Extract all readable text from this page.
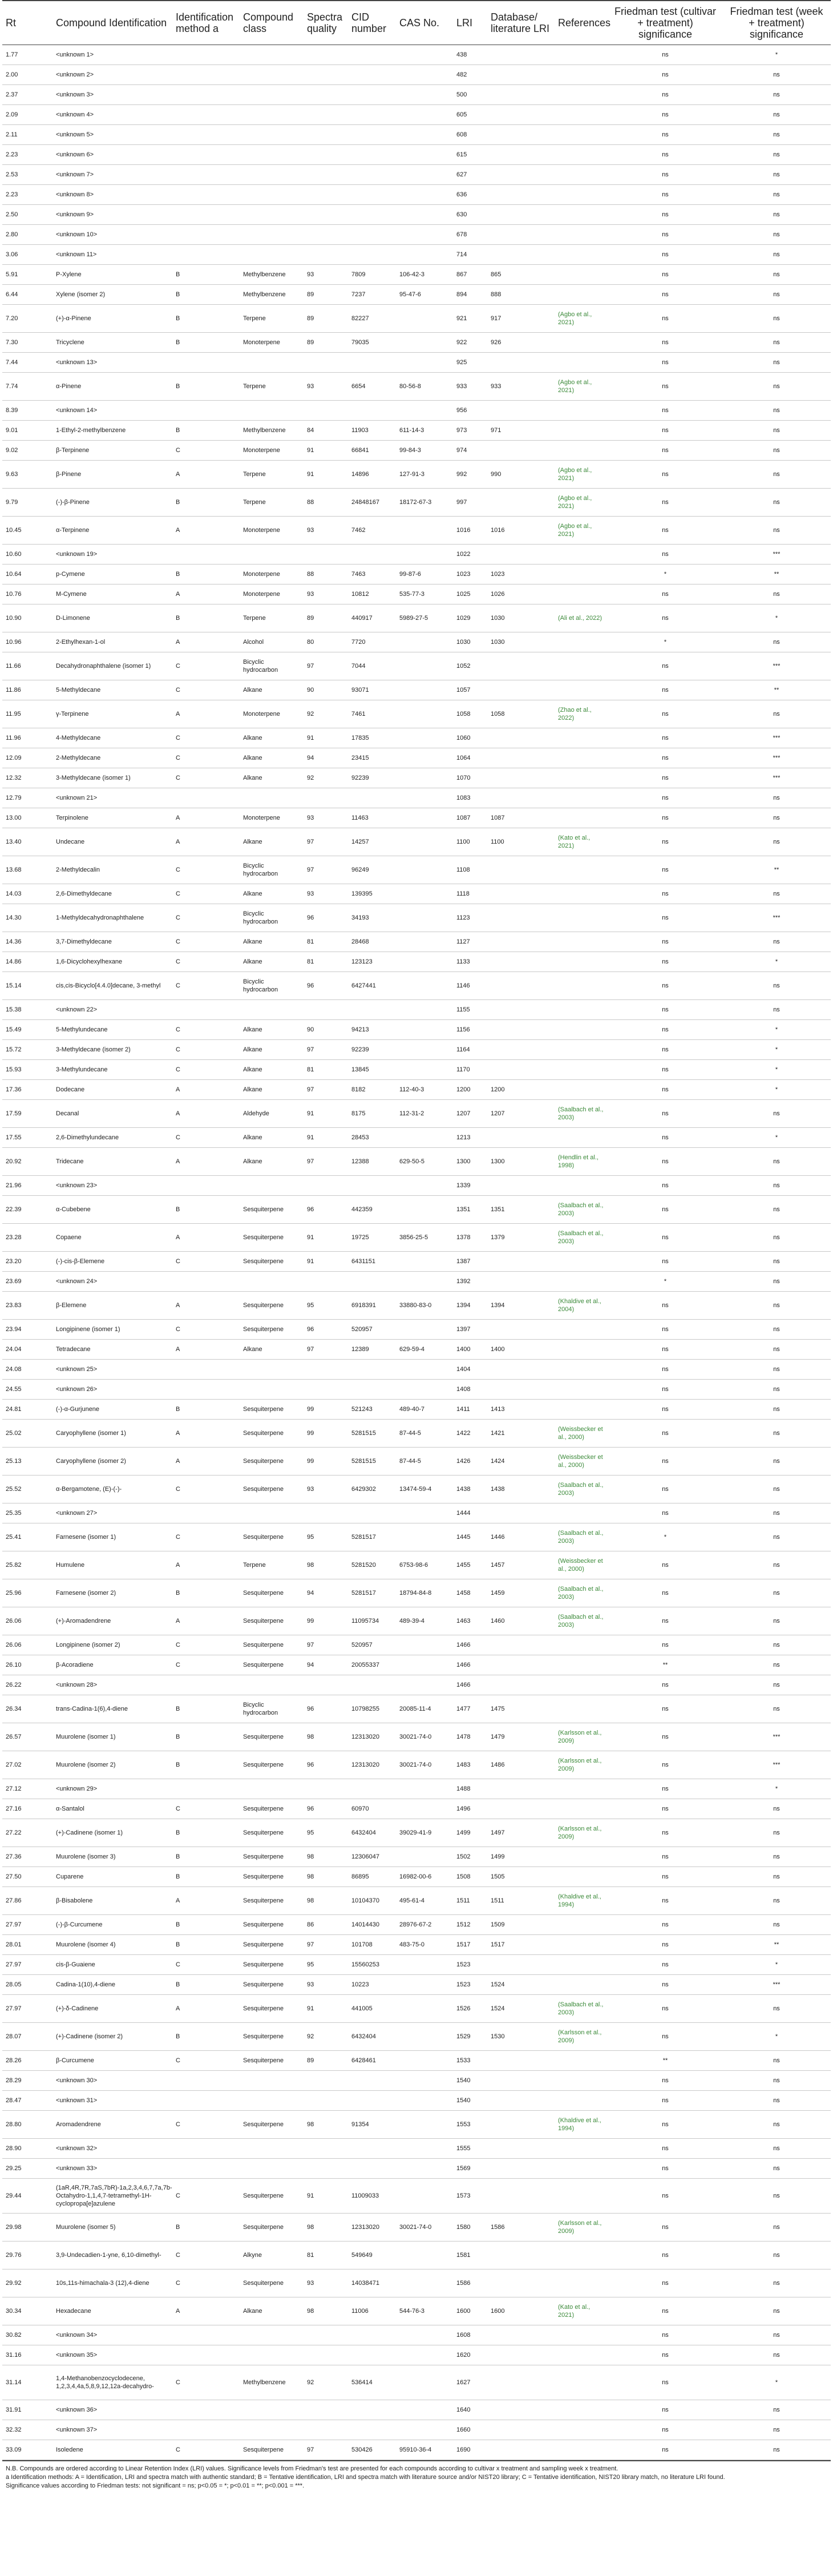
Rt	Compound Identification	Identification method a	Compound class	Spectra quality	CID number	CAS No.	LRI	Database/ literature LRI	References	Friedman test (cultivar + treatment) significance	Friedman test (week + treatment) significance
1.77	<unknown 1>						438			ns	*
2.00	<unknown 2>						482			ns	ns
2.37	<unknown 3>						500			ns	ns
2.09	<unknown 4>						605			ns	ns
2.11	<unknown 5>						608			ns	ns
2.23	<unknown 6>						615			ns	ns
2.53	<unknown 7>						627			ns	ns
2.23	<unknown 8>						636			ns	ns
2.50	<unknown 9>						630			ns	ns
2.80	<unknown 10>						678			ns	ns
3.06	<unknown 11>						714			ns	ns
5.91	P-Xylene	B	Methylbenzene	93	7809	106-42-3	867	865		ns	ns
6.44	Xylene (isomer 2)	B	Methylbenzene	89	7237	95-47-6	894	888		ns	ns
7.20	(+)-α-Pinene	B	Terpene	89	82227		921	917	(Agbo et al., 2021)	ns	ns
7.30	Tricyclene	B	Monoterpene	89	79035		922	926		ns	ns
7.44	<unknown 13>						925			ns	ns
7.74	α-Pinene	B	Terpene	93	6654	80-56-8	933	933	(Agbo et al., 2021)	ns	ns
8.39	<unknown 14>						956			ns	ns
9.01	1-Ethyl-2-methylbenzene	B	Methylbenzene	84	11903	611-14-3	973	971		ns	ns
9.02	β-Terpinene	C	Monoterpene	91	66841	99-84-3	974			ns	ns
9.63	β-Pinene	A	Terpene	91	14896	127-91-3	992	990	(Agbo et al., 2021)	ns	ns
9.79	(-)-β-Pinene	B	Terpene	88	24848167	18172-67-3	997		(Agbo et al., 2021)	ns	ns
10.45	α-Terpinene	A	Monoterpene	93	7462		1016	1016	(Agbo et al., 2021)	ns	ns
10.60	<unknown 19>						1022			ns	***
10.64	p-Cymene	B	Monoterpene	88	7463	99-87-6	1023	1023		*	**
10.76	M-Cymene	A	Monoterpene	93	10812	535-77-3	1025	1026		ns	ns
10.90	D-Limonene	B	Terpene	89	440917	5989-27-5	1029	1030	(Ali et al., 2022)	ns	*
10.96	2-Ethylhexan-1-ol	A	Alcohol	80	7720		1030	1030		*	ns
11.66	Decahydronaphthalene (isomer 1)	C	Bicyclic hydrocarbon	97	7044		1052			ns	***
11.86	5-Methyldecane	C	Alkane	90	93071		1057			ns	**
11.95	γ-Terpinene	A	Monoterpene	92	7461		1058	1058	(Zhao et al., 2022)	ns	ns
11.96	4-Methyldecane	C	Alkane	91	17835		1060			ns	***
12.09	2-Methyldecane	C	Alkane	94	23415		1064			ns	***
12.32	3-Methyldecane (isomer 1)	C	Alkane	92	92239		1070			ns	***
12.79	<unknown 21>						1083			ns	ns
13.00	Terpinolene	A	Monoterpene	93	11463		1087	1087		ns	ns
13.40	Undecane	A	Alkane	97	14257		1100	1100	(Kato et al., 2021)	ns	ns
13.68	2-Methyldecalin	C	Bicyclic hydrocarbon	97	96249		1108			ns	**
14.03	2,6-Dimethyldecane	C	Alkane	93	139395		1118			ns	ns
14.30	1-Methyldecahydronaphthalene	C	Bicyclic hydrocarbon	96	34193		1123			ns	***
14.36	3,7-Dimethyldecane	C	Alkane	81	28468		1127			ns	ns
14.86	1,6-Dicyclohexylhexane	C	Alkane	81	123123		1133			ns	*
15.14	cis,cis-Bicyclo[4.4.0]decane, 3-methyl	C	Bicyclic hydrocarbon	96	6427441		1146			ns	ns
15.38	<unknown 22>						1155			ns	ns
15.49	5-Methylundecane	C	Alkane	90	94213		1156			ns	*
15.72	3-Methyldecane (isomer 2)	C	Alkane	97	92239		1164			ns	*
15.93	3-Methylundecane	C	Alkane	81	13845		1170			ns	*
17.36	Dodecane	A	Alkane	97	8182	112-40-3	1200	1200		ns	*
17.59	Decanal	A	Aldehyde	91	8175	112-31-2	1207	1207	(Saalbach et al., 2003)	ns	ns
17.55	2,6-Dimethylundecane	C	Alkane	91	28453		1213			ns	*
20.92	Tridecane	A	Alkane	97	12388	629-50-5	1300	1300	(Hendlin et al., 1998)	ns	ns
21.96	<unknown 23>						1339			ns	ns
22.39	α-Cubebene	B	Sesquiterpene	96	442359		1351	1351	(Saalbach et al., 2003)	ns	ns
23.28	Copaene	A	Sesquiterpene	91	19725	3856-25-5	1378	1379	(Saalbach et al., 2003)	ns	ns
23.20	(-)-cis-β-Elemene	C	Sesquiterpene	91	6431151		1387			ns	ns
23.69	<unknown 24>						1392			*	ns
23.83	β-Elemene	A	Sesquiterpene	95	6918391	33880-83-0	1394	1394	(Khaldive et al., 2004)	ns	ns
23.94	Longipinene (isomer 1)	C	Sesquiterpene	96	520957		1397			ns	ns
24.04	Tetradecane	A	Alkane	97	12389	629-59-4	1400	1400		ns	ns
24.08	<unknown 25>						1404			ns	ns
24.55	<unknown 26>						1408			ns	ns
24.81	(-)-α-Gurjunene	B	Sesquiterpene	99	521243	489-40-7	1411	1413		ns	ns
25.02	Caryophyllene (isomer 1)	A	Sesquiterpene	99	5281515	87-44-5	1422	1421	(Weissbecker et al., 2000)	ns	ns
25.13	Caryophyllene (isomer 2)	A	Sesquiterpene	99	5281515	87-44-5	1426	1424	(Weissbecker et al., 2000)	ns	ns
25.52	α-Bergamotene, (E)-(-)-	C	Sesquiterpene	93	6429302	13474-59-4	1438	1438	(Saalbach et al., 2003)	ns	ns
25.35	<unknown 27>						1444			ns	ns
25.41	Farnesene (isomer 1)	C	Sesquiterpene	95	5281517		1445	1446	(Saalbach et al., 2003)	*	ns
25.82	Humulene	A	Terpene	98	5281520	6753-98-6	1455	1457	(Weissbecker et al., 2000)	ns	ns
25.96	Farnesene (isomer 2)	B	Sesquiterpene	94	5281517	18794-84-8	1458	1459	(Saalbach et al., 2003)	ns	ns
26.06	(+)-Aromadendrene	A	Sesquiterpene	99	11095734	489-39-4	1463	1460	(Saalbach et al., 2003)	ns	ns
26.06	Longipinene (isomer 2)	C	Sesquiterpene	97	520957		1466			ns	ns
26.10	β-Acoradiene	C	Sesquiterpene	94	20055337		1466			**	ns
26.22	<unknown 28>						1466			ns	ns
26.34	trans-Cadina-1(6),4-diene	B	Bicyclic hydrocarbon	96	10798255	20085-11-4	1477	1475		ns	ns
26.57	Muurolene (isomer 1)	B	Sesquiterpene	98	12313020	30021-74-0	1478	1479	(Karlsson et al., 2009)	ns	***
27.02	Muurolene (isomer 2)	B	Sesquiterpene	96	12313020	30021-74-0	1483	1486	(Karlsson et al., 2009)	ns	***
27.12	<unknown 29>						1488			ns	*
27.16	α-Santalol	C	Sesquiterpene	96	60970		1496			ns	ns
27.22	(+)-Cadinene (isomer 1)	B	Sesquiterpene	95	6432404	39029-41-9	1499	1497	(Karlsson et al., 2009)	ns	ns
27.36	Muurolene (isomer 3)	B	Sesquiterpene	98	12306047		1502	1499		ns	ns
27.50	Cuparene	B	Sesquiterpene	98	86895	16982-00-6	1508	1505		ns	ns
27.86	β-Bisabolene	A	Sesquiterpene	98	10104370	495-61-4	1511	1511	(Khaldive et al., 1994)	ns	ns
27.97	(-)-β-Curcumene	B	Sesquiterpene	86	14014430	28976-67-2	1512	1509		ns	ns
28.01	Muurolene (isomer 4)	B	Sesquiterpene	97	101708	483-75-0	1517	1517		ns	**
27.97	cis-β-Guaiene	C	Sesquiterpene	95	15560253		1523			ns	*
28.05	Cadina-1(10),4-diene	B	Sesquiterpene	93	10223		1523	1524		ns	***
27.97	(+)-δ-Cadinene	A	Sesquiterpene	91	441005		1526	1524	(Saalbach et al., 2003)	ns	ns
28.07	(+)-Cadinene (isomer 2)	B	Sesquiterpene	92	6432404		1529	1530	(Karlsson et al., 2009)	ns	*
28.26	β-Curcumene	C	Sesquiterpene	89	6428461		1533			**	ns
28.29	<unknown 30>						1540			ns	ns
28.47	<unknown 31>						1540			ns	ns
28.80	Aromadendrene	C	Sesquiterpene	98	91354		1553		(Khaldive et al., 1994)	ns	ns
28.90	<unknown 32>						1555			ns	ns
29.25	<unknown 33>						1569			ns	ns
29.44	(1aR,4R,7R,7aS,7bR)-1a,2,3,4,6,7,7a,7b-Octahydro-1,1,4,7-tetramethyl-1H-cyclopropa[e]azulene	C	Sesquiterpene	91	11009033		1573			ns	ns
29.98	Muurolene (isomer 5)	B	Sesquiterpene	98	12313020	30021-74-0	1580	1586	(Karlsson et al., 2009)	ns	ns
29.76	3,9-Undecadien-1-yne, 6,10-dimethyl-	C	Alkyne	81	549649		1581			ns	ns
29.92	10s,11s-himachala-3 (12),4-diene	C	Sesquiterpene	93	14038471		1586			ns	ns
30.34	Hexadecane	A	Alkane	98	11006	544-76-3	1600	1600	(Kato et al., 2021)	ns	ns
30.82	<unknown 34>						1608			ns	ns
31.16	<unknown 35>						1620			ns	ns
31.14	1,4-Methanobenzocyclodecene, 1,2,3,4,4a,5,8,9,12,12a-decahydro-	C	Methylbenzene	92	536414		1627			ns	*
31.91	<unknown 36>						1640			ns	ns
32.32	<unknown 37>						1660			ns	ns
33.09	Isoledene	C	Sesquiterpene	97	530426	95910-36-4	1690			ns	ns
N.B. Compounds are ordered according to Linear Retention Index (LRI) values. Significance levels from Friedman's test are presented for each compounds according to cultivar x treatment and sampling week x treatment.
a Identification methods: A = Identification, LRI and spectra match with authentic standard; B = Tentative identification, LRI and spectra match with literature source and/or NIST20 library; C = Tentative identification, NIST20 library match, no literature LRI found.
Significance values according to Friedman tests: not significant = ns; p<0.05 = *; p<0.01 = **; p<0.001 = ***.
